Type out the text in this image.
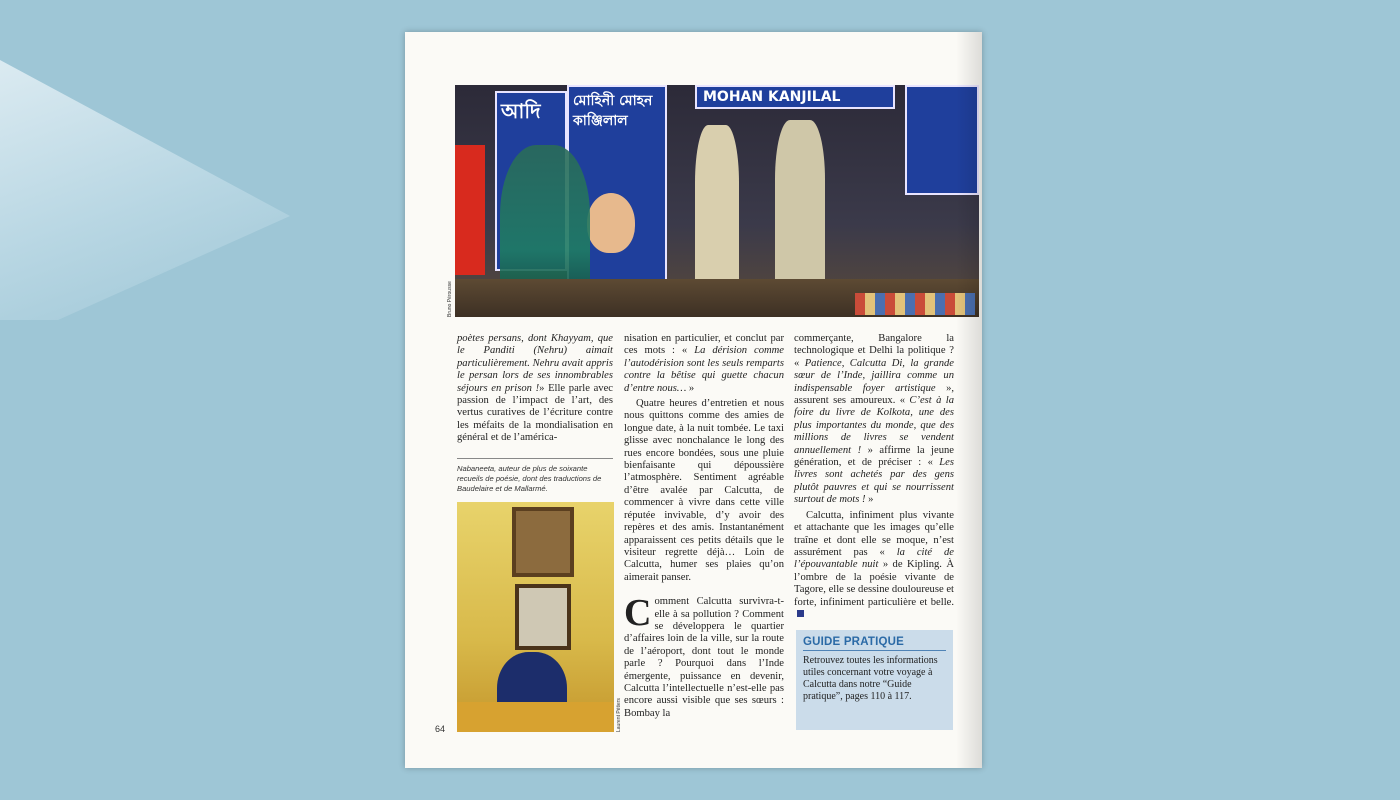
আদি	মোহিনী মোহন কাঞ্জিলাল
MOHAN KANJILAL
Bruno Pérousse

poètes persans, dont Khayyam, que le Panditi (Nehru) aimait particulièrement. Nehru avait appris le persan lors de ses innombrables séjours en prison !» Elle parle avec passion de l’impact de l’art, des vertus curatives de l’écriture contre les méfaits de la mondialisation en général et de l’américa-

Nabaneeta, auteur de plus de soixante recueils de poésie, dont des traductions de Baudelaire et de Mallarmé.
Laurent Pétiers

nisation en particulier, et conclut par ces mots : « La dérision comme l’autodérision sont les seuls remparts contre la bêtise qui guette chacun d’entre nous… »

Quatre heures d’entretien et nous nous quittons comme des amies de longue date, à la nuit tombée. Le taxi glisse avec nonchalance le long des rues encore bondées, sous une pluie bienfaisante qui dépoussière l’atmosphère. Sentiment agréable d’être avalée par Calcutta, de commencer à vivre dans cette ville réputée invivable, d’y avoir des repères et des amis. Instantanément apparaissent ces petits détails que le visiteur regrette déjà… Loin de Calcutta, humer ses plaies qu’on aimerait panser.

Comment Calcutta survivra-t-elle à sa pollution ? Comment se développera le quartier d’affaires loin de la ville, sur la route de l’aéroport, dont tout le monde parle ? Pourquoi dans l’Inde émergente, puissance en devenir, Calcutta l’intellectuelle n’est-elle pas encore aussi visible que ses sœurs : Bombay la

commerçante, Bangalore la technologique et Delhi la politique ? « Patience, Calcutta Di, la grande sœur de l’Inde, jaillira comme un indispensable foyer artistique », assurent ses amoureux. « C’est à la foire du livre de Kolkota, une des plus importantes du monde, que des millions de livres se vendent annuellement ! » affirme la jeune génération, et de préciser : « Les livres sont achetés par des gens plutôt pauvres et qui se nourrissent surtout de mots ! »

Calcutta, infiniment plus vivante et attachante que les images qu’elle traîne et dont elle se moque, n’est assurément pas « la cité de l’épouvantable nuit » de Kipling. À l’ombre de la poésie vivante de Tagore, elle se dessine douloureuse et forte, infiniment particulière et belle.

GUIDE PRATIQUE
Retrouvez toutes les informations utiles concernant votre voyage à Calcutta dans notre “Guide pratique”, pages 110 à 117.
64
